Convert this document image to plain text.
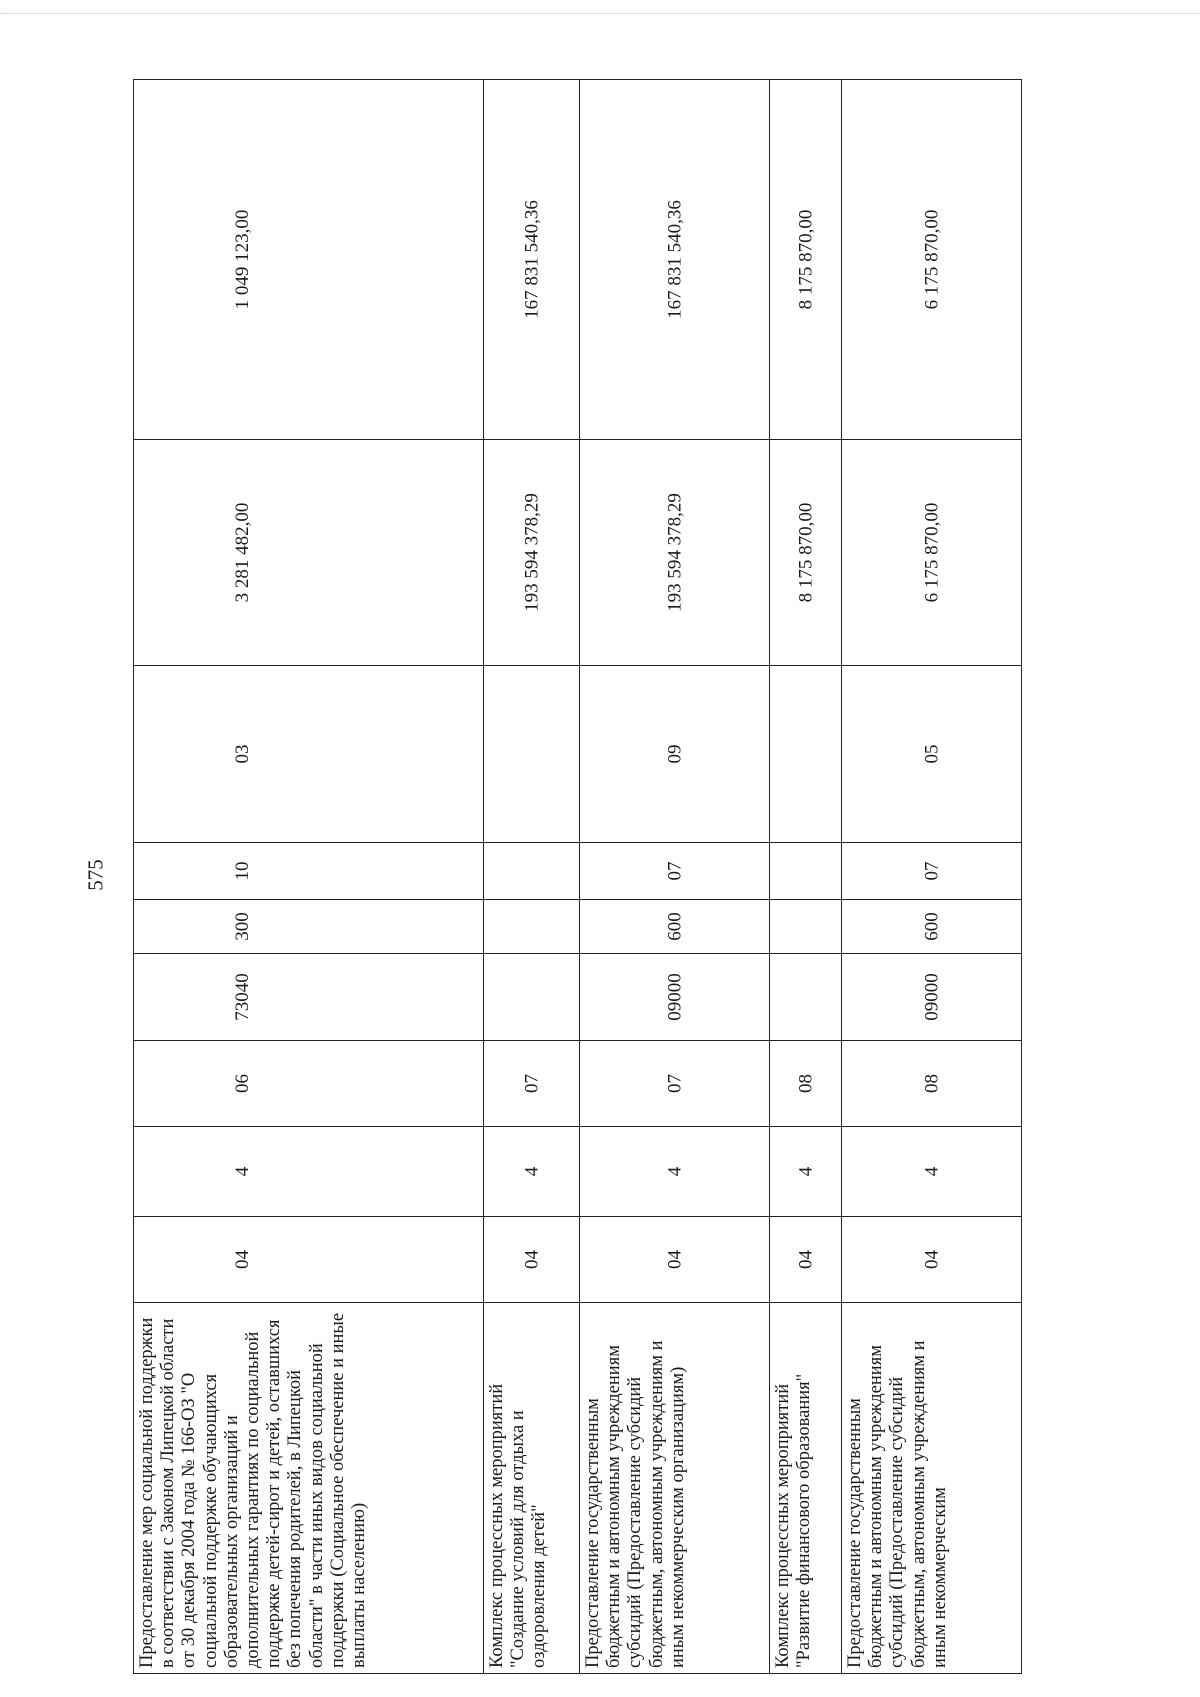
575
Предоставление мер социальной поддержки в соответствии с Законом Липецкой области от 30 декабря 2004 года № 166-ОЗ "О социальной поддержке обучающихся образовательных организаций и дополнительных гарантиях по социальной поддержке детей-сирот и детей, оставшихся без попечения родителей, в Липецкой области" в части иных видов социальной поддержки (Социальное обеспечение и иные выплаты населению)	04	4	06	73040	300	10	03	3 281 482,00	1 049 123,00

Комплекс процессных мероприятий "Создание условий для отдыха и оздоровления детей"	04	4	07					193 594 378,29	167 831 540,36

Предоставление государственным бюджетным и автономным учреждениям субсидий (Предоставление субсидий бюджетным, автономным учреждениям и иным некоммерческим организациям)	04	4	07	09000	600	07	09	193 594 378,29	167 831 540,36

Комплекс процессных мероприятий "Развитие финансового образования"	04	4	08					8 175 870,00	8 175 870,00

Предоставление государственным бюджетным и автономным учреждениям субсидий (Предоставление субсидий бюджетным, автономным учреждениям и иным некоммерческим	04	4	08	09000	600	07	05	6 175 870,00	6 175 870,00
